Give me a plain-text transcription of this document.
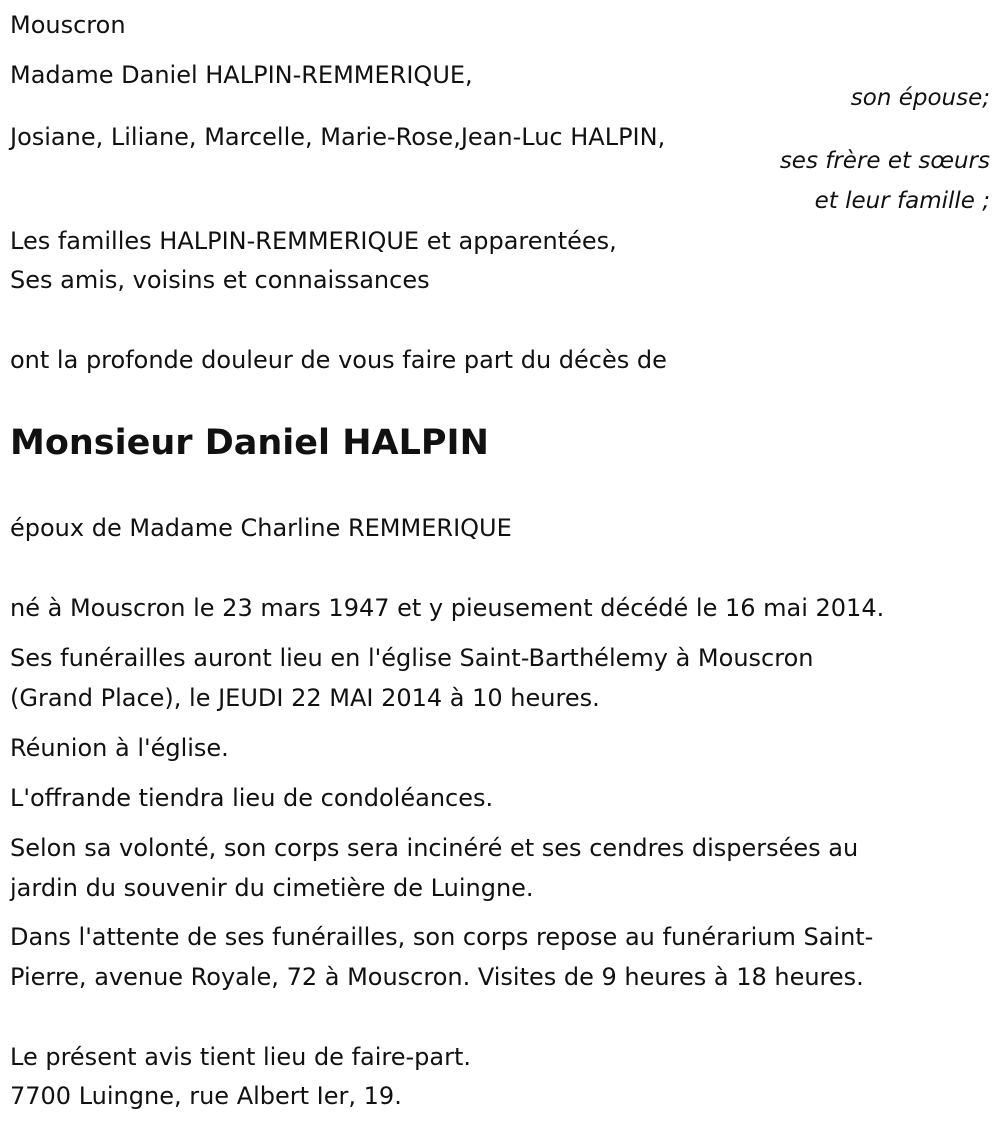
Mouscron
Madame Daniel HALPIN-REMMERIQUE,
son épouse;
Josiane, Liliane, Marcelle, Marie-Rose,Jean-Luc HALPIN,
ses frère et sœurs
et leur famille ;
Les familles HALPIN-REMMERIQUE et apparentées,
Ses amis, voisins et connaissances
ont la profonde douleur de vous faire part du décès de
Monsieur Daniel HALPIN
époux de Madame Charline REMMERIQUE
né à Mouscron le 23 mars 1947 et y pieusement décédé le 16 mai 2014.
Ses funérailles auront lieu en l'église Saint-Barthélemy à Mouscron
(Grand Place), le JEUDI 22 MAI 2014 à 10 heures.
Réunion à l'église.
L'offrande tiendra lieu de condoléances.
Selon sa volonté, son corps sera incinéré et ses cendres dispersées au
jardin du souvenir du cimetière de Luingne.
Dans l'attente de ses funérailles, son corps repose au funérarium Saint-
Pierre, avenue Royale, 72 à Mouscron. Visites de 9 heures à 18 heures.
Le présent avis tient lieu de faire-part.
7700 Luingne, rue Albert Ier, 19.
